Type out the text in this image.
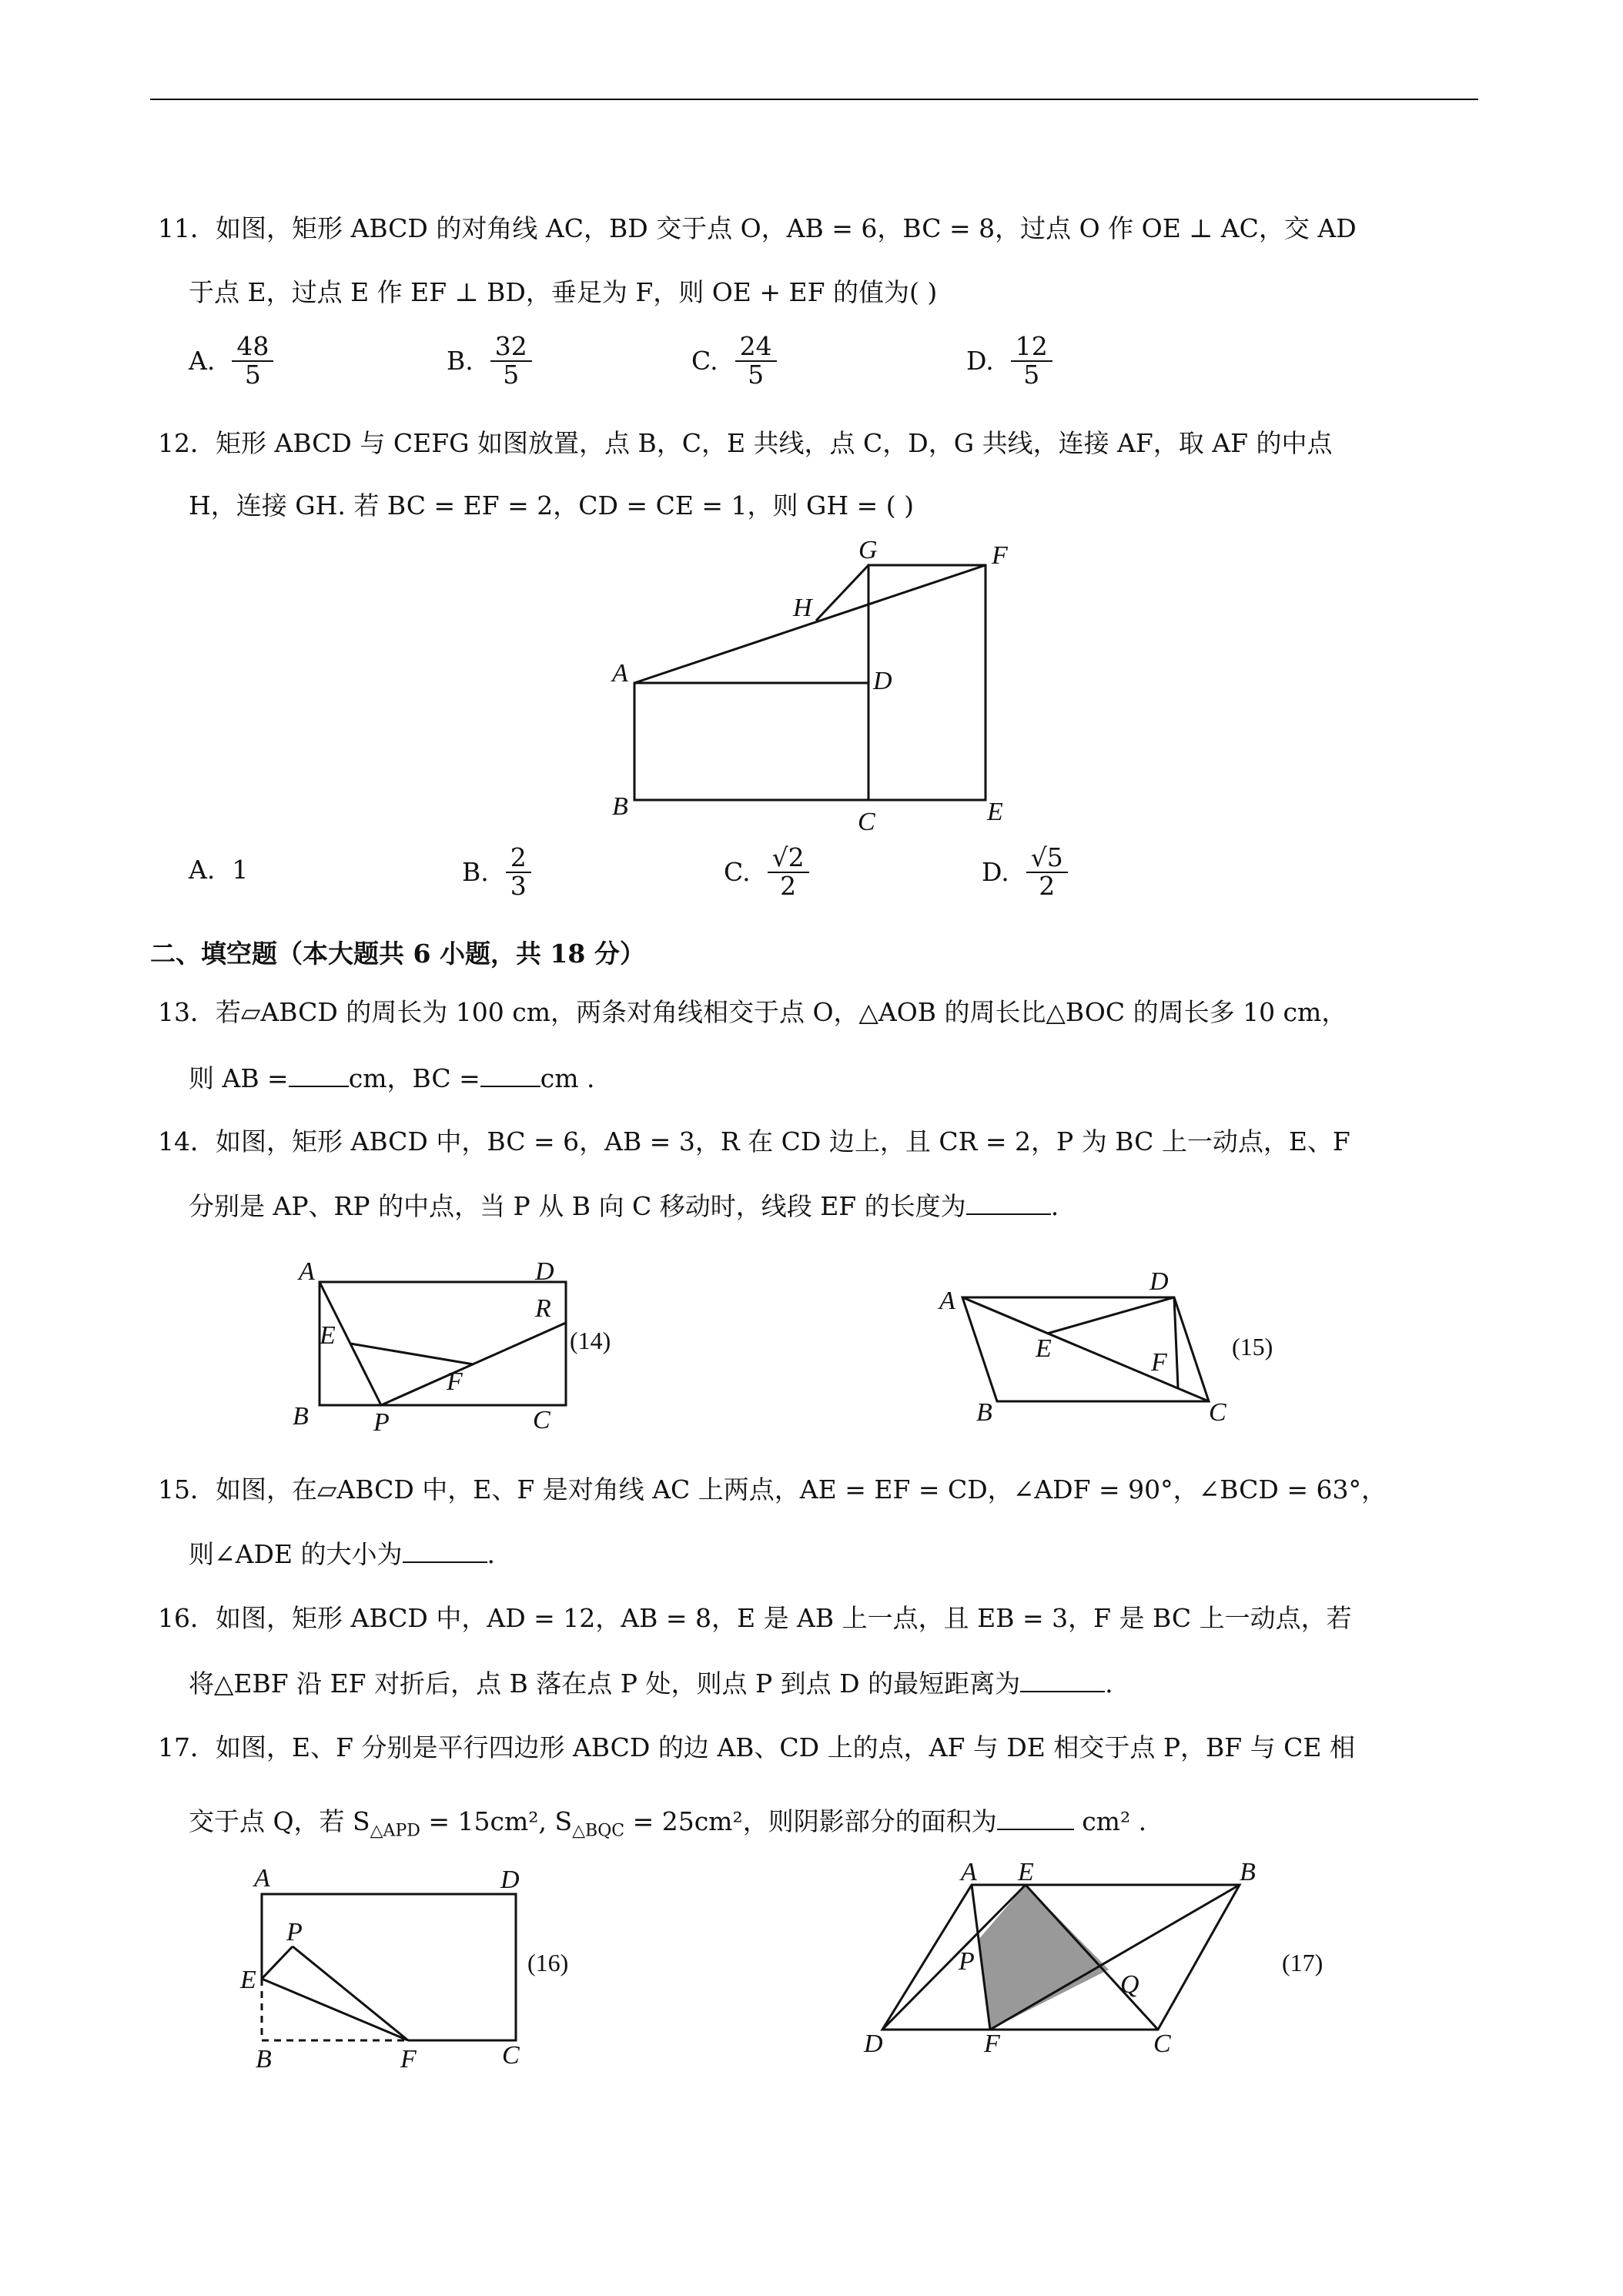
11．如图，矩形 ABCD 的对角线 AC，BD 交于点 O，AB = 6，BC = 8，过点 O 作 OE ⊥ AC，交 AD
于点 E，过点 E 作 EF ⊥ BD，垂足为 F，则 OE + EF 的值为( )
A. $\frac{48}{5}$	B. $\frac{32}{5}$	C. $\frac{24}{5}$	D. $\frac{12}{5}$
12．矩形 ABCD 与 CEFG 如图放置，点 B，C，E 共线，点 C，D，G 共线，连接 AF，取 AF 的中点
H，连接 GH. 若 BC = EF = 2，CD = CE = 1，则 GH = ( )
G	F
H
A	D
B
C	E
A. 1	B. $\frac{2}{3}$	C. $\frac{√2}{2}$	D. $\frac{√5}{2}$
二、填空题（本大题共 6 小题，共 18 分）
13．若▱ABCD 的周长为 100 cm，两条对角线相交于点 O，△AOB 的周长比△BOC 的周长多 10 cm，
则 AB = cm，BC = cm .
14．如图，矩形 ABCD 中，BC = 6，AB = 3，R 在 CD 边上，且 CR = 2，P 为 BC 上一动点，E、F
分别是 AP、RP 的中点，当 P 从 B 向 C 移动时，线段 EF 的长度为	.
A	D
E
R
F
B P	C
(14)
A
D
E	F
B	C
(15)
15．如图，在▱ABCD 中，E、F 是对角线 AC 上两点，AE = EF = CD，∠ADF = 90°，∠BCD = 63°，
则∠ADE 的大小为	.
16．如图，矩形 ABCD 中，AD = 12，AB = 8，E 是 AB 上一点，且 EB = 3，F 是 BC 上一动点，若
将△EBF 沿 EF 对折后，点 B 落在点 P 处，则点 P 到点 D 的最短距离为	.
17．如图，E、F 分别是平行四边形 ABCD 的边 AB、CD 上的点，AF 与 DE 相交于点 P，BF 与 CE 相
交于点 Q，若 $S_{\triangle APD} = 15cm^2$, $S_{\triangle BQC} = 25cm^2$，则阴影部分的面积为	cm² .
A	D
P
E
B	F	C
(16)
A E	B
P
Q
D	F	C
(17)
